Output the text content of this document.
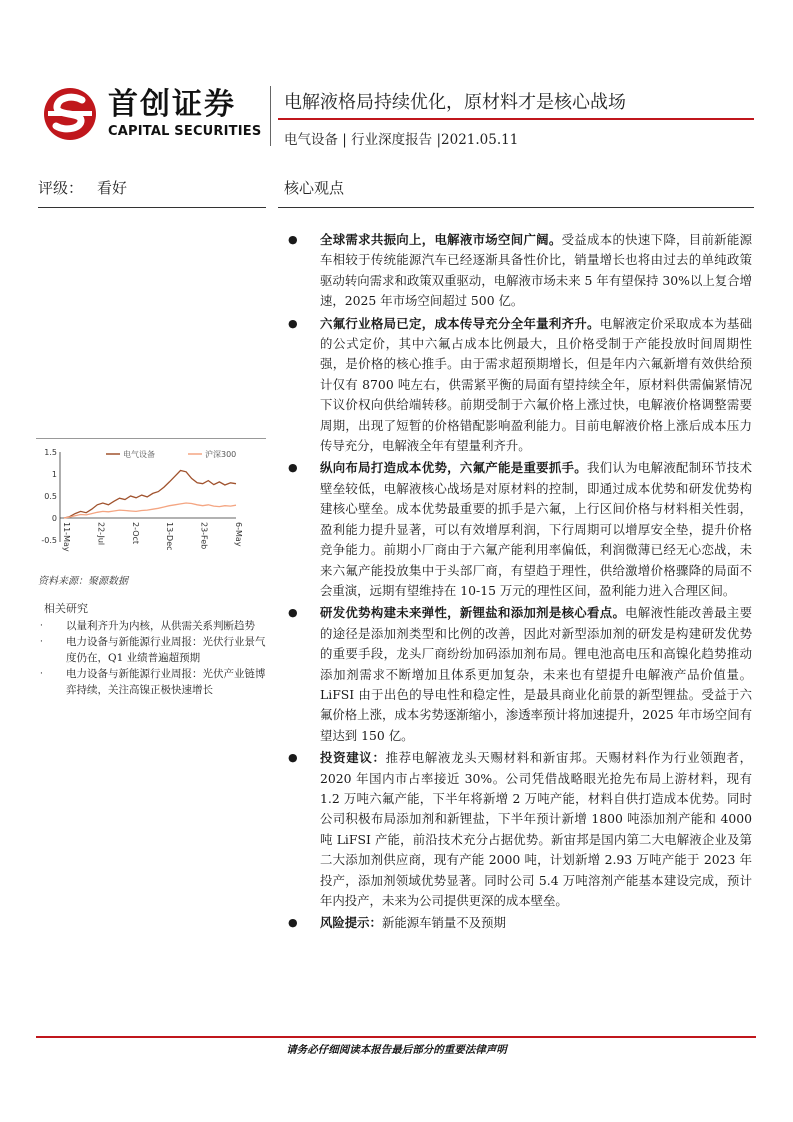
首创证券
CAPITAL SECURITIES
电解液格局持续优化，原材料才是核心战场
电气设备 | 行业深度报告 |2021.05.11
评级： 看好	核心观点
1.5
1
0.5
0
-0.5 11-May	22-Jul	2-Oct	13-Dec	23-Feb	6-May
电气设备	沪深300
资料来源：聚源数据
相关研究
· 以量利齐升为内核，从供需关系判断趋势
· 电力设备与新能源行业周报：光伏行业景气度仍在，Q1 业绩普遍超预期
· 电力设备与新能源行业周报：光伏产业链博弈持续，关注高镍正极快速增长
● 全球需求共振向上，电解液市场空间广阔。受益成本的快速下降，目前新能源车相较于传统能源汽车已经逐渐具备性价比，销量增长也将由过去的单纯政策驱动转向需求和政策双重驱动，电解液市场未来 5 年有望保持 30%以上复合增速，2025 年市场空间超过 500 亿。
● 六氟行业格局已定，成本传导充分全年量利齐升。电解液定价采取成本为基础的公式定价，其中六氟占成本比例最大，且价格受制于产能投放时间周期性强，是价格的核心推手。由于需求超预期增长，但是年内六氟新增有效供给预计仅有 8700 吨左右，供需紧平衡的局面有望持续全年，原材料供需偏紧情况下议价权向供给端转移。前期受制于六氟价格上涨过快，电解液价格调整需要周期，出现了短暂的价格错配影响盈利能力。目前电解液价格上涨后成本压力传导充分，电解液全年有望量利齐升。
● 纵向布局打造成本优势，六氟产能是重要抓手。我们认为电解液配制环节技术壁垒较低，电解液核心战场是对原材料的控制，即通过成本优势和研发优势构建核心壁垒。成本优势最重要的抓手是六氟，上行区间价格与材料相关性弱，盈利能力提升显著，可以有效增厚利润，下行周期可以增厚安全垫，提升价格竞争能力。前期小厂商由于六氟产能利用率偏低，利润微薄已经无心恋战，未来六氟产能投放集中于头部厂商，有望趋于理性，供给激增价格骤降的局面不会重演，远期有望维持在 10-15 万元的理性区间，盈利能力进入合理区间。
● 研发优势构建未来弹性，新锂盐和添加剂是核心看点。电解液性能改善最主要的途径是添加剂类型和比例的改善，因此对新型添加剂的研发是构建研发优势的重要手段，龙头厂商纷纷加码添加剂布局。锂电池高电压和高镍化趋势推动添加剂需求不断增加且体系更加复杂，未来也有望提升电解液产品价值量。LiFSI 由于出色的导电性和稳定性，是最具商业化前景的新型锂盐。受益于六氟价格上涨，成本劣势逐渐缩小，渗透率预计将加速提升，2025 年市场空间有望达到 150 亿。
● 投资建议：推荐电解液龙头天赐材料和新宙邦。天赐材料作为行业领跑者，2020 年国内市占率接近 30%。公司凭借战略眼光抢先布局上游材料，现有 1.2 万吨六氟产能，下半年将新增 2 万吨产能，材料自供打造成本优势。同时公司积极布局添加剂和新锂盐，下半年预计新增 1800 吨添加剂产能和 4000 吨 LiFSI 产能，前沿技术充分占据优势。新宙邦是国内第二大电解液企业及第二大添加剂供应商，现有产能 2000 吨，计划新增 2.93 万吨产能于 2023 年投产，添加剂领域优势显著。同时公司 5.4 万吨溶剂产能基本建设完成，预计年内投产，未来为公司提供更深的成本壁垒。
● 风险提示：新能源车销量不及预期
请务必仔细阅读本报告最后部分的重要法律声明
